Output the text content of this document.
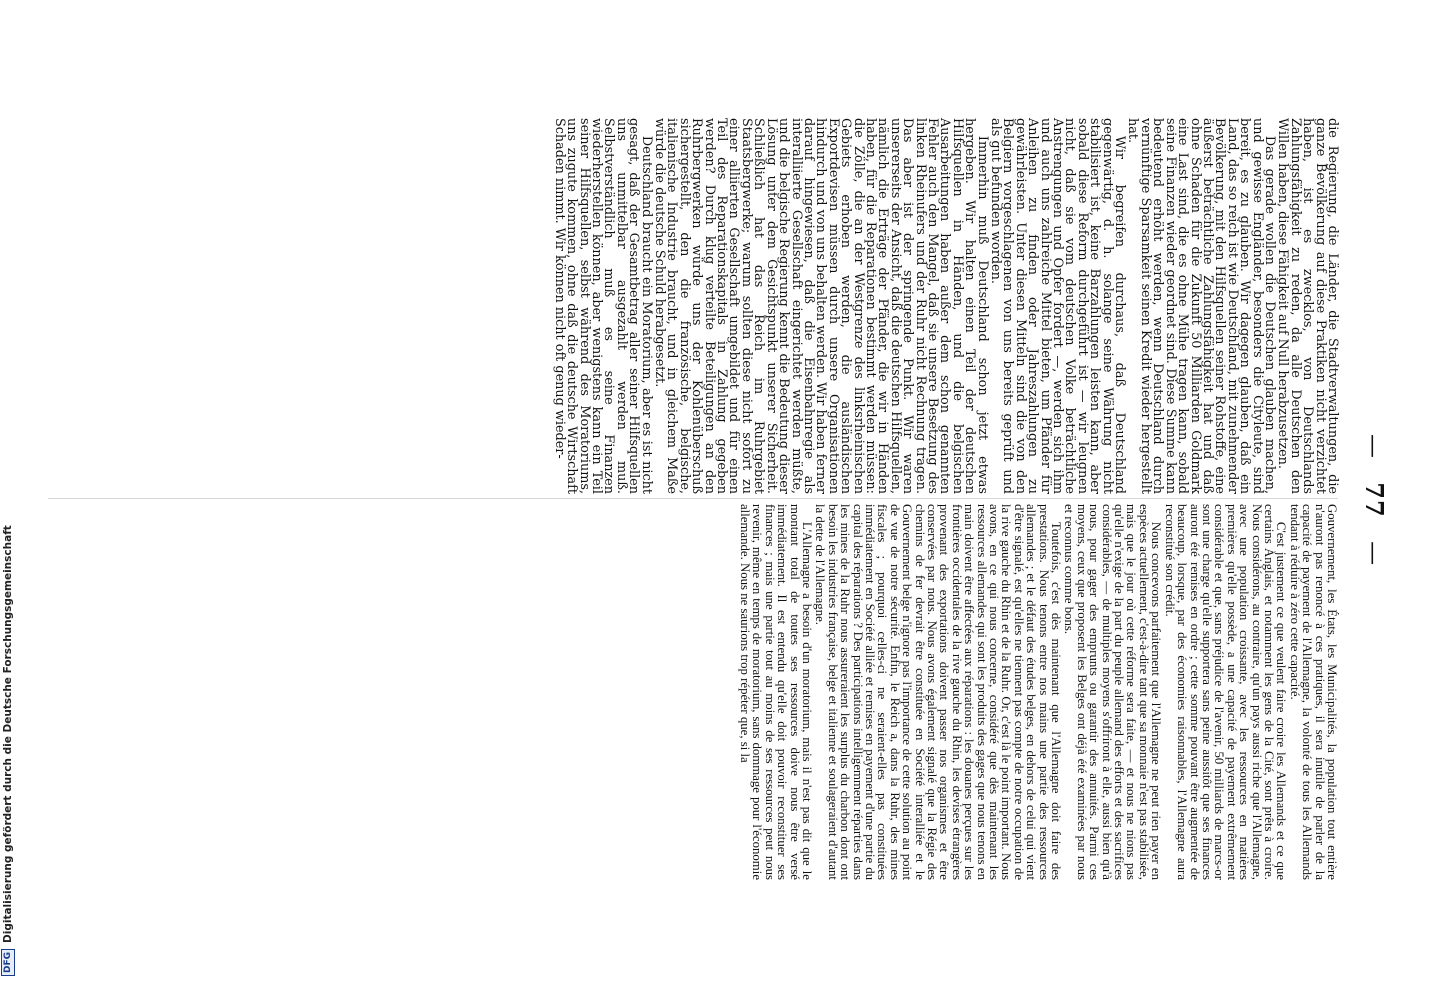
— 77 —

die Regierung, die Länder, die Stadtverwaltungen, die ganze Bevölkerung auf diese Praktiken nicht verzichtet haben, ist es zwecklos, von Deutschlands Zahlungsfähigkeit zu reden, da alle Deutschen den Willen haben, diese Fähigkeit auf Null herabzusetzen.

Das gerade wollen die Deutschen glauben machen, und gewisse Engländer, besonders die Cityleute, sind bereit, es zu glauben. Wir dagegen glauben, daß ein Land, das so reich ist wie Deutschland, mit zunehmender Bevölkerung, mit den Hilfsquellen seiner Rohstoffe, eine äußerst beträchtliche Zahlungsfähigkeit hat und daß ohne Schaden für die Zukunft 50 Milliarden Goldmark eine Last sind, die es ohne Mühe tragen kann, sobald seine Finanzen wieder geordnet sind. Diese Summe kann bedeutend erhöht werden, wenn Deutschland durch vernünftige Sparsamkeit seinen Kredit wieder hergestellt hat.

Wir begreifen durchaus, daß Deutschland gegenwärtig, d. h. solange seine Währung nicht stabilisiert ist, keine Barzahlungen leisten kann, aber sobald diese Reform durchgeführt ist — wir leugnen nicht, daß sie vom deutschen Volke beträchtliche Anstrengungen und Opfer fordert —, werden sich ihm und auch uns zahlreiche Mittel bieten, um Pfänder für Anleihen zu finden oder Jahreszahlungen zu gewährleisten. Unter diesen Mitteln sind die von den Belgiern vorgeschlagenen von uns bereits geprüft und als gut befunden worden.

Immerhin muß Deutschland schon jetzt etwas hergeben. Wir halten einen Teil der deutschen Hilfsquellen in Händen, und die belgischen Ausarbeitungen haben außer dem schon genannten Fehler auch den Mangel, daß sie unsere Besetzung des linken Rheinufers und der Ruhr nicht Rechnung tragen. Das aber ist der springende Punkt. Wir waren unsererseits der Ansicht, daß die deutschen Hilfsquellen, nämlich die Erträge der Pfänder, die wir in Händen haben, für die Reparationen bestimmt werden müssen: die Zölle, die an der Westgrenze des linksrheinischen Gebiets erhoben werden, die ausländischen Exportdevisen müssen durch unsere Organisationen hindurch und von uns behalten werden. Wir haben ferner darauf hingewiesen, daß die Eisenbahnregie als interalliierte Gesellschaft eingerichtet werden müßte, und die belgische Regierung kennt die Bedeutung dieser Lösung unter dem Gesichtspunkt unserer Sicherheit. Schließlich hat das Reich im Ruhrgebiet Staatsbergwerke; warum sollten diese nicht sofort zu einer alliierten Gesellschaft umgebildet und für einen Teil des Reparationskapitals in Zahlung gegeben werden? Durch klug verteilte Beteiligungen an den Ruhrbergwerken würde uns der Kohlenüberschuß sichergestellt, den die französische, belgische, italienische Industrie braucht, und in gleichem Maße würde die deutsche Schuld herabgesetzt.

Deutschland braucht ein Moratorium, aber es ist nicht gesagt, daß der Gesamtbetrag aller seiner Hilfsquellen uns unmittelbar ausgezahlt werden muß. Selbstverständlich muß es seine Finanzen wiederherstellen können, aber wenigstens kann ein Teil seiner Hilfsquellen, selbst während des Moratoriums, uns zugute kommen, ohne daß die deutsche Wirtschaft Schaden nimmt. Wir können nicht oft genug wieder-

Gouvernement, les États, les Municipalités, la population tout entière n'auront pas renoncé à ces pratiques, il sera inutile de parler de la capacité de payement de l'Allemagne, la volonté de tous les Allemands tendant à réduire à zéro cette capacité.

C'est justement ce que veulent faire croire les Allemands et ce que certains Anglais, et notamment les gens de la Cité, sont prêts à croire. Nous considérons, au contraire, qu'un pays aussi riche que l'Allemagne, avec une population croissante, avec les ressources en matières premières qu'elle possède, a une capacité de payement extrêmement considérable et que, sans préjudice de l'avenir, 50 milliards de marcs-or sont une charge qu'elle supportera sans peine aussitôt que ses finances auront été remises en ordre ; cette somme pouvant être augmentée de beaucoup, lorsque, par des économies raisonnables, l'Allemagne aura reconstitué son crédit.

Nous concevons parfaitement que l'Allemagne ne peut rien payer en espèces actuellement, c'est-à-dire tant que sa monnaie n'est pas stabilisée, mais que le jour où cette réforme sera faite, — et nous ne nions pas qu'elle n'exige de la part du peuple allemand des efforts et des sacrifices considérables, — de multiples moyens s'offriront à elle, aussi bien qu'à nous, pour gager des emprunts ou garantir des annuités. Parmi ces moyens, ceux que proposent les Belges ont déjà été examinées par nous et reconnus comme bons.

Toutefois, c'est dès maintenant que l'Allemagne doit faire des prestations. Nous tenons entre nos mains une partie des ressources allemandes ; et le défaut des études belges, en dehors de celui qui vient d'être signalé, est qu'elles ne tiennent pas compte de notre occupation de la rive gauche du Rhin et de la Ruhr. Or, c'est là le point important. Nous avons, en ce qui nous concerne, considéré que dès maintenant les ressources allemandes qui sont les produits des gages que nous tenons en main doivent être affectées aux réparations : les douanes perçues sur les frontières occidentales de la rive gauche du Rhin, les devises étrangères provenant des exportations doivent passer nos organismes et être conservées par nous. Nous avons également signalé que la Régie des chemins de fer devrait être constituée en Société interalliée et le Gouvernement belge n'ignore pas l'importance de cette solution au point de vue de notre sécurité. Enfin, le Reich a, dans la Ruhr, des mines fiscales ; pourquoi celles-ci ne seraient-elles pas constituées immédiatement en Société alliée et remises en payement d'une partie du capital des réparations ? Des participations intelligemment réparties dans les mines de la Ruhr nous assureraient les surplus du charbon dont ont besoin les industries française, belge et italienne et soulageraient d'autant la dette de l'Allemagne.

L'Allemagne a besoin d'un moratorium, mais il n'est pas dit que le montant total de toutes ses ressources doive nous être versé immédiatement. Il est entendu qu'elle doit pouvoir reconstituer ses finances ; mais une partie tout au moins de ses ressources peut nous revenir, même en temps de moratorium, sans dommage pour l'économie allemande. Nous ne saurions trop répéter que, si la

DFG
Digitalisierung gefördert durch die Deutsche Forschungsgemeinschaft
